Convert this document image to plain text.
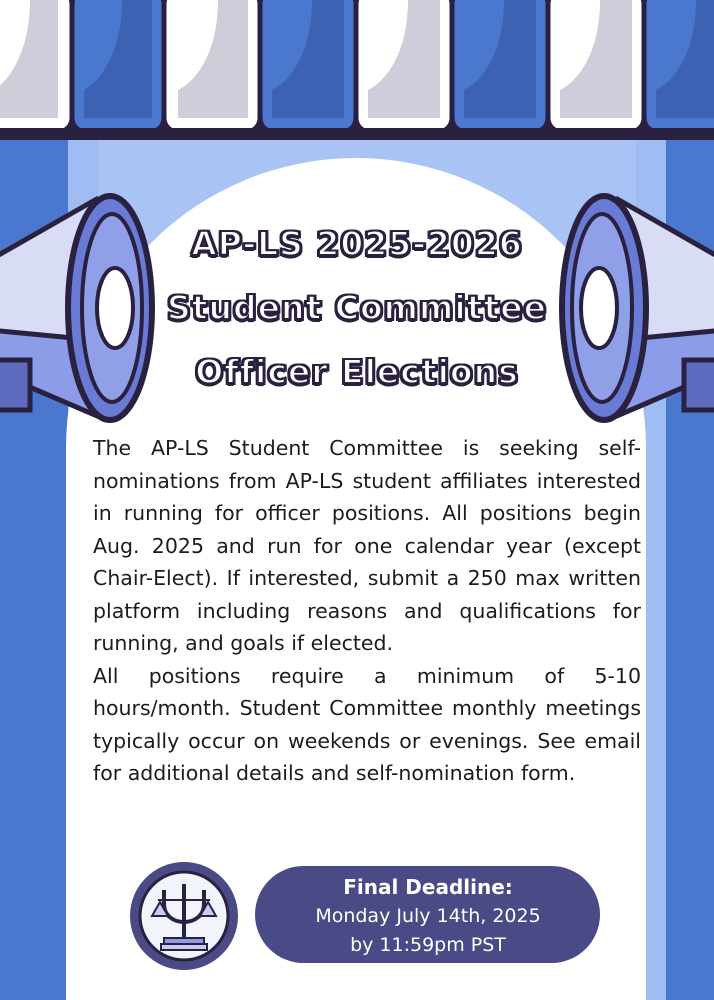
AP-LS 2025-2026
Student Committee
Officer Elections

The AP-LS Student Committee is seeking self-nominations from AP-LS student affiliates interested in running for officer positions. All positions begin Aug. 2025 and run for one calendar year (except Chair-Elect). If interested, submit a 250 max written platform including reasons and qualifications for running, and goals if elected.

All positions require a minimum of 5-10 hours/month. Student Committee monthly meetings typically occur on weekends or evenings. See email for additional details and self-nomination form.

Final Deadline:
Monday July 14th, 2025
by 11:59pm PST
